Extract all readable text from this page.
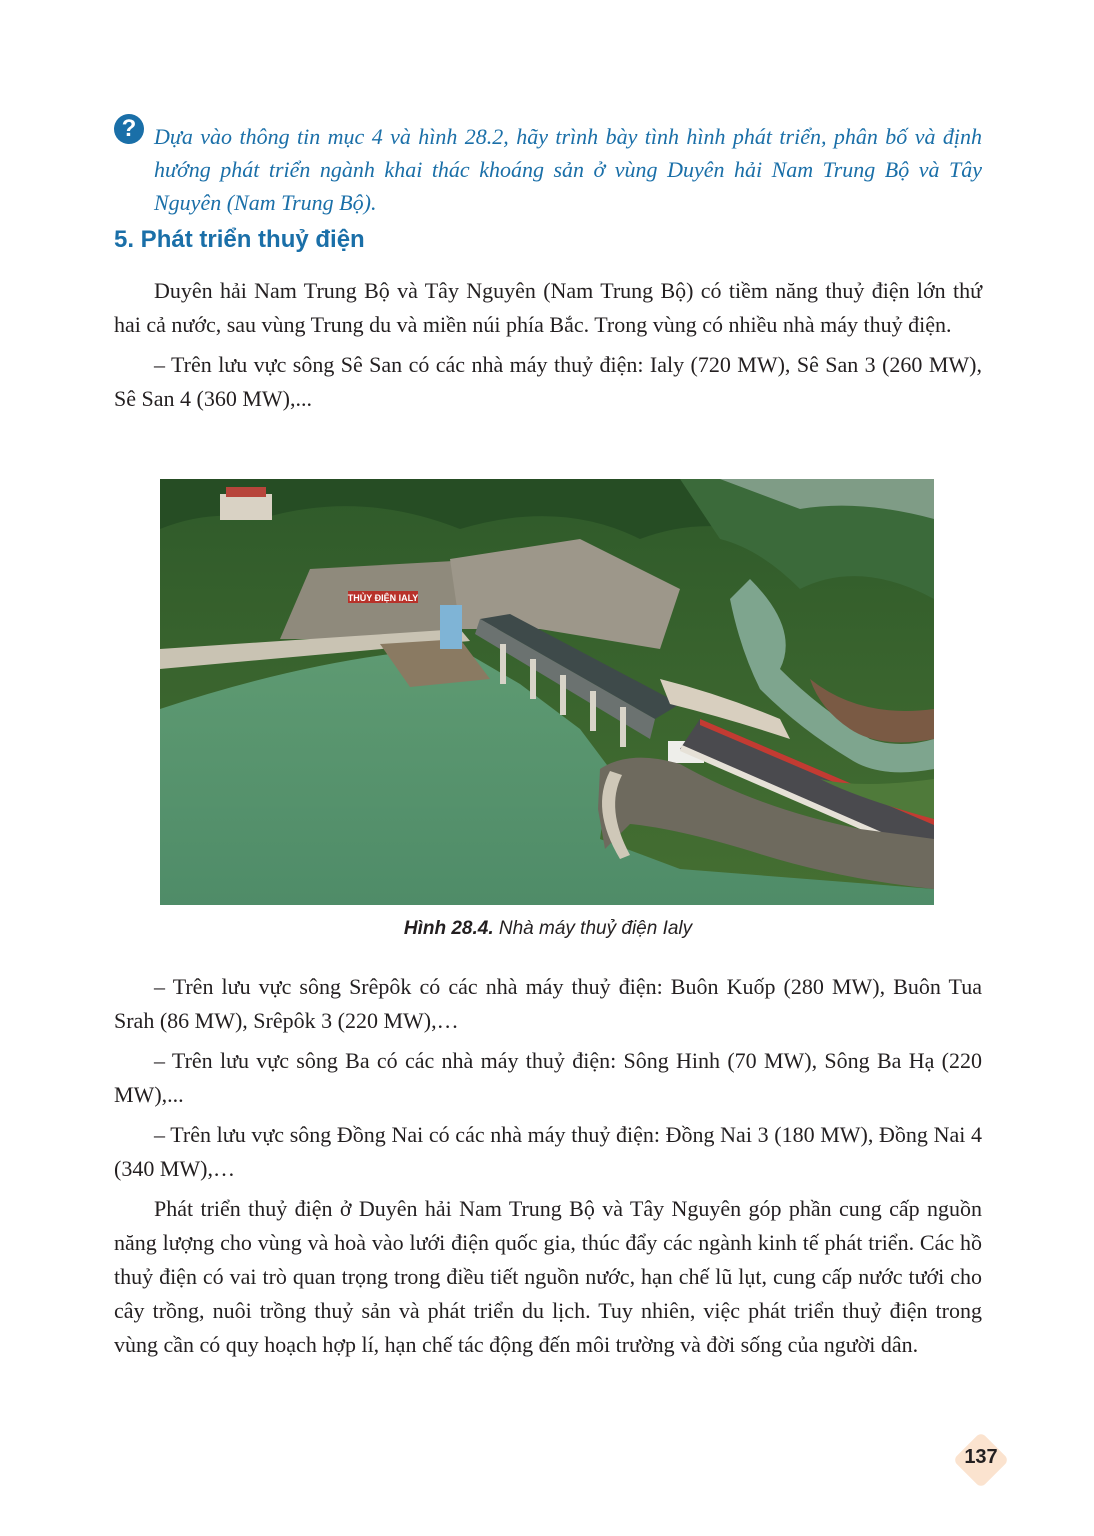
? Dựa vào thông tin mục 4 và hình 28.2, hãy trình bày tình hình phát triển, phân bố và định hướng phát triển ngành khai thác khoáng sản ở vùng Duyên hải Nam Trung Bộ và Tây Nguyên (Nam Trung Bộ).

5. Phát triển thuỷ điện

Duyên hải Nam Trung Bộ và Tây Nguyên (Nam Trung Bộ) có tiềm năng thuỷ điện lớn thứ hai cả nước, sau vùng Trung du và miền núi phía Bắc. Trong vùng có nhiều nhà máy thuỷ điện.

– Trên lưu vực sông Sê San có các nhà máy thuỷ điện: Ialy (720 MW), Sê San 3 (260 MW), Sê San 4 (360 MW),...

THỦY ĐIỆN IALY
Hình 28.4. Nhà máy thuỷ điện Ialy

– Trên lưu vực sông Srêpôk có các nhà máy thuỷ điện: Buôn Kuốp (280 MW), Buôn Tua Srah (86 MW), Srêpôk 3 (220 MW),…

– Trên lưu vực sông Ba có các nhà máy thuỷ điện: Sông Hinh (70 MW), Sông Ba Hạ (220 MW),...

– Trên lưu vực sông Đồng Nai có các nhà máy thuỷ điện: Đồng Nai 3 (180 MW), Đồng Nai 4 (340 MW),…

Phát triển thuỷ điện ở Duyên hải Nam Trung Bộ và Tây Nguyên góp phần cung cấp nguồn năng lượng cho vùng và hoà vào lưới điện quốc gia, thúc đẩy các ngành kinh tế phát triển. Các hồ thuỷ điện có vai trò quan trọng trong điều tiết nguồn nước, hạn chế lũ lụt, cung cấp nước tưới cho cây trồng, nuôi trồng thuỷ sản và phát triển du lịch. Tuy nhiên, việc phát triển thuỷ điện trong vùng cần có quy hoạch hợp lí, hạn chế tác động đến môi trường và đời sống của người dân.

137
